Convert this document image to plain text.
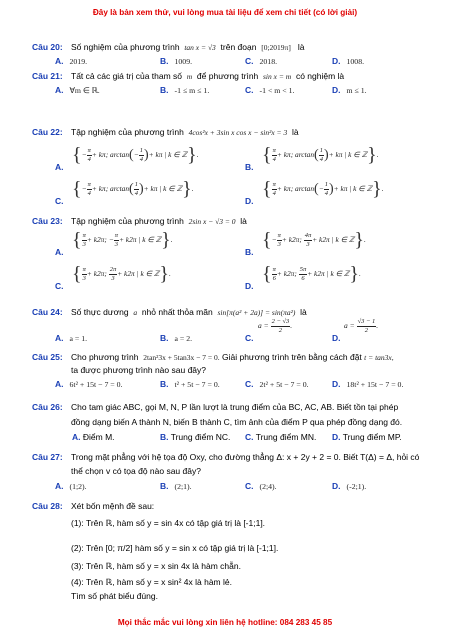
Đây là bản xem thử, vui lòng mua tài liệu để xem chi tiết (có lời giải)
Câu 20: Số nghiệm của phương trình tan x = √3 trên đoạn [0;2019π] là
A. 2019.	B. 1009.	C. 2018.	D. 1008.
Câu 21: Tất cả các giá trị của tham số m để phương trình sin x = m có nghiệm là
A. ∀m ∈ ℝ.	B. -1 ≤ m ≤ 1.	C. -1 < m < 1.	D. m ≤ 1.
Câu 22: Tập nghiệm của phương trình 4cos²x + 3sin x cos x − sin²x = 3 là
A.
{− $\frac{\pi}{4} + k\pi$; $\arctan(- \frac{1}{4}$ )+ kπ | k ∈ ℤ}.
B.
{ $\frac{\pi}{4} + k\pi$; $\arctan( \frac{1}{4}$ )+ kπ | k ∈ ℤ}.
C.
{− $\frac{\pi}{4} + k\pi$; $\arctan( \frac{1}{4}$ )+ kπ | k ∈ ℤ}.
D.
{ $\frac{\pi}{4} + k\pi$; $\arctan(- \frac{1}{4}$ )+ kπ | k ∈ ℤ}.
Câu 23: Tập nghiệm của phương trình 2sin x − √3 = 0 là
A.
{ $\frac{\pi}{3} + k2\pi$; − $\frac{\pi}{3} + k2\pi$ | k ∈ ℤ}.
B.
{− $\frac{\pi}{3} + k2\pi$; $\frac{4\pi}{3} + k2\pi$ | k ∈ ℤ}.
C.
{ $\frac{\pi}{3} + k2\pi$; $\frac{2\pi}{3} + k2\pi$ | k ∈ ℤ}.
D.
{ $\frac{\pi}{6} + k2\pi$; $\frac{5\pi}{6} + k2\pi$ | k ∈ ℤ}.
Câu 24: Số thực dương a nhỏ nhất thỏa mãn sin[π(a² + 2a)] = sin(πa²) là
A. a = 1.	B. a = 2.	C.
$a = \frac{2 - √3}{2}$ .
D.
$a = \frac{√3 - 1}{2}$ .
Câu 25: Cho phương trình 2tan²3x + 5tan3x − 7 = 0. Giải phương trình trên bằng cách đặt t = tan3x,
ta được phương trình nào sau đây?
A. 6t² + 15t − 7 = 0.	B. t² + 5t − 7 = 0.	C. 2t² + 5t − 7 = 0.	D. 18t² + 15t − 7 = 0.
Câu 26: Cho tam giác ABC, gọi M, N, P lần lượt là trung điểm của BC, AC, AB. Biết tồn tại phép
đồng dạng biến A thành N, biến B thành C, tìm ảnh của điểm P qua phép đồng dạng đó.
A. Điểm M.	B. Trung điểm NC. C. Trung điểm MN. D. Trung điểm MP.
Câu 27: Trong mặt phẳng với hệ tọa độ Oxy, cho đường thẳng Δ: x + 2y + 2 = 0. Biết T(Δ) = Δ, hỏi có
thể chọn v có tọa độ nào sau đây?
A. (1;2).	B. (2;1).	C. (2;4).	D. (-2;1).
Câu 28: Xét bốn mệnh đề sau:
(1): Trên ℝ, hàm số y = sin 4x có tập giá trị là [-1;1].
(2): Trên [0; π/2] hàm số y = sin x có tập giá trị là [-1;1].
(3): Trên ℝ, hàm số y = x sin 4x là hàm chẵn.
(4): Trên ℝ, hàm số y = x sin² 4x là hàm lẻ.
Tìm số phát biểu đúng.
Mọi thắc mắc vui lòng xin liên hệ hotline: 084 283 45 85
